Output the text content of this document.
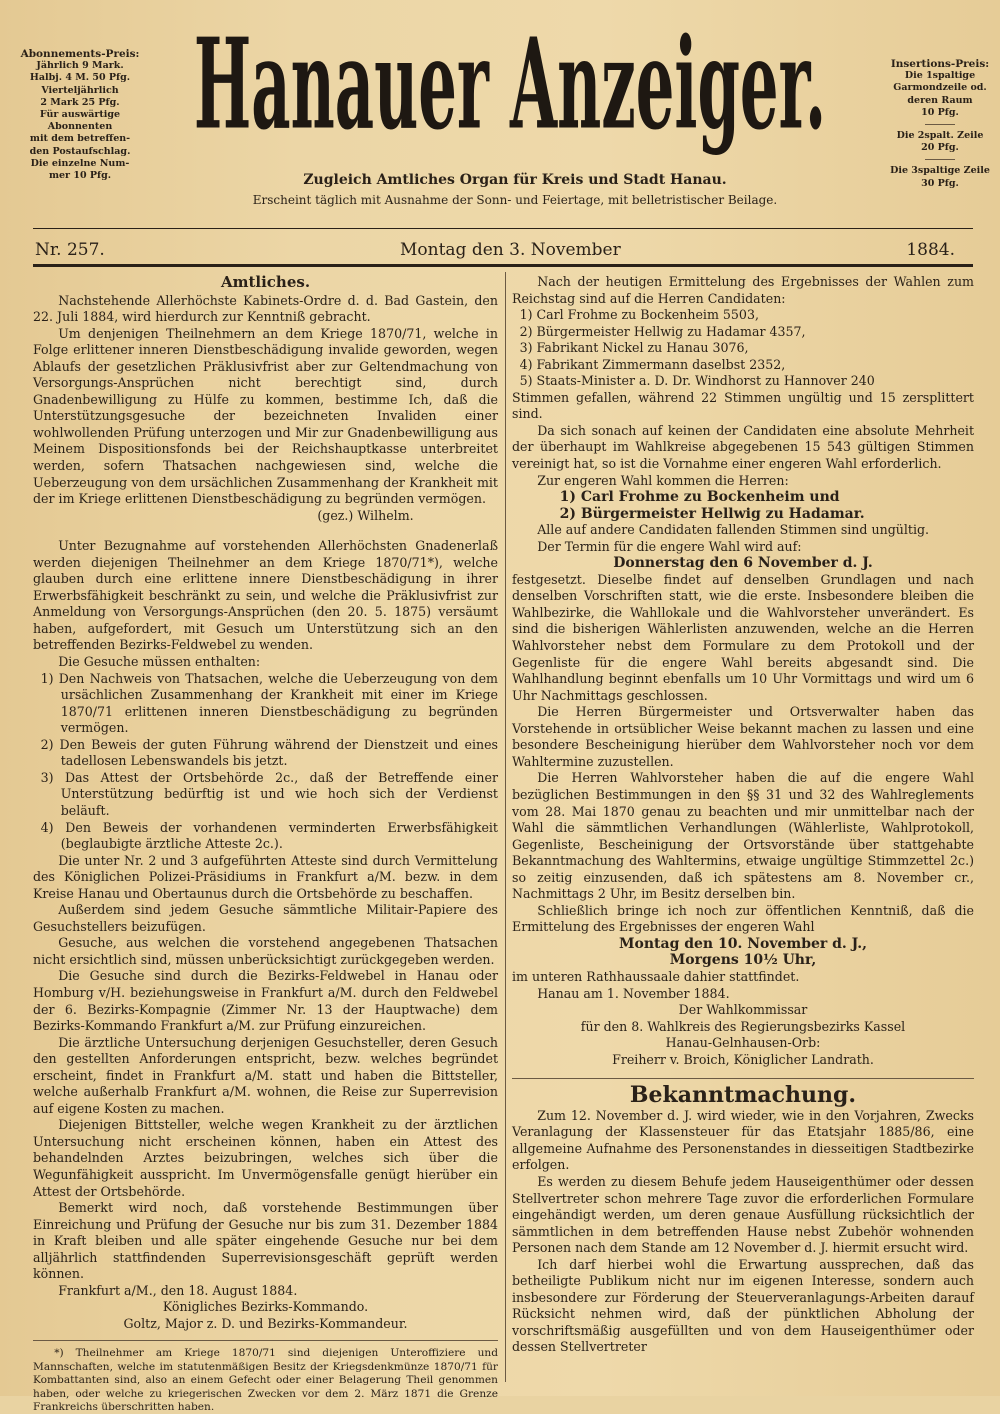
Abonnements-Preis:
Jährlich 9 Mark.
Halbj. 4 M. 50 Pfg.
Vierteljährlich
2 Mark 25 Pfg.
Für auswärtige
Abonnenten
mit dem betreffen-
den Postaufschlag.
Die einzelne Num-
mer 10 Pfg.
Hanauer Anzeiger.
Zugleich Amtliches Organ für Kreis und Stadt Hanau.
Erscheint täglich mit Ausnahme der Sonn- und Feiertage, mit belletristischer Beilage.
Insertions-Preis:
Die 1spaltige
Garmondzeile od.
deren Raum
10 Pfg.
Die 2spalt. Zeile
20 Pfg.
Die 3spaltige Zeile
30 Pfg.
Nr. 257.	Montag den 3. November	1884.

Amtliches.

Nachstehende Allerhöchste Kabinets-Ordre d. d. Bad Gastein, den 22. Juli 1884, wird hierdurch zur Kenntniß gebracht.

Um denjenigen Theilnehmern an dem Kriege 1870/71, welche in Folge erlittener inneren Dienstbeschädigung invalide geworden, wegen Ablaufs der gesetzlichen Präklusivfrist aber zur Geltendmachung von Versorgungs-Ansprüchen nicht berechtigt sind, durch Gnadenbewilligung zu Hülfe zu kommen, bestimme Ich, daß die Unterstützungsgesuche der bezeichneten Invaliden einer wohlwollenden Prüfung unterzogen und Mir zur Gnadenbewilligung aus Meinem Dispositionsfonds bei der Reichshauptkasse unterbreitet werden, sofern Thatsachen nachgewiesen sind, welche die Ueberzeugung von dem ursächlichen Zusammenhang der Krankheit mit der im Kriege erlittenen Dienstbeschädigung zu begründen vermögen.

(gez.) Wilhelm.

Unter Bezugnahme auf vorstehenden Allerhöchsten Gnadenerlaß werden diejenigen Theilnehmer an dem Kriege 1870/71*), welche glauben durch eine erlittene innere Dienstbeschädigung in ihrer Erwerbsfähigkeit beschränkt zu sein, und welche die Präklusivfrist zur Anmeldung von Versorgungs-Ansprüchen (den 20. 5. 1875) versäumt haben, aufgefordert, mit Gesuch um Unterstützung sich an den betreffenden Bezirks-Feldwebel zu wenden.

Die Gesuche müssen enthalten:

1) Den Nachweis von Thatsachen, welche die Ueberzeugung von dem ursächlichen Zusammenhang der Krankheit mit einer im Kriege 1870/71 erlittenen inneren Dienstbeschädigung zu begründen vermögen.

2) Den Beweis der guten Führung während der Dienstzeit und eines tadellosen Lebenswandels bis jetzt.

3) Das Attest der Ortsbehörde 2c., daß der Betreffende einer Unterstützung bedürftig ist und wie hoch sich der Verdienst beläuft.

4) Den Beweis der vorhandenen verminderten Erwerbsfähigkeit (beglaubigte ärztliche Atteste 2c.).

Die unter Nr. 2 und 3 aufgeführten Atteste sind durch Vermittelung des Königlichen Polizei-Präsidiums in Frankfurt a/M. bezw. in dem Kreise Hanau und Obertaunus durch die Ortsbehörde zu beschaffen.

Außerdem sind jedem Gesuche sämmtliche Militair-Papiere des Gesuchstellers beizufügen.

Gesuche, aus welchen die vorstehend angegebenen Thatsachen nicht ersichtlich sind, müssen unberücksichtigt zurückgegeben werden.

Die Gesuche sind durch die Bezirks-Feldwebel in Hanau oder Homburg v/H. beziehungsweise in Frankfurt a/M. durch den Feldwebel der 6. Bezirks-Kompagnie (Zimmer Nr. 13 der Hauptwache) dem Bezirks-Kommando Frankfurt a/M. zur Prüfung einzureichen.

Die ärztliche Untersuchung derjenigen Gesuchsteller, deren Gesuch den gestellten Anforderungen entspricht, bezw. welches begründet erscheint, findet in Frankfurt a/M. statt und haben die Bittsteller, welche außerhalb Frankfurt a/M. wohnen, die Reise zur Superrevision auf eigene Kosten zu machen.

Diejenigen Bittsteller, welche wegen Krankheit zu der ärztlichen Untersuchung nicht erscheinen können, haben ein Attest des behandelnden Arztes beizubringen, welches sich über die Wegunfähigkeit ausspricht. Im Unvermögensfalle genügt hierüber ein Attest der Ortsbehörde.

Bemerkt wird noch, daß vorstehende Bestimmungen über Einreichung und Prüfung der Gesuche nur bis zum 31. Dezember 1884 in Kraft bleiben und alle später eingehende Gesuche nur bei dem alljährlich stattfindenden Superrevisionsgeschäft geprüft werden können.

Frankfurt a/M., den 18. August 1884.

Königliches Bezirks-Kommando.

Goltz, Major z. D. und Bezirks-Kommandeur.

*) Theilnehmer am Kriege 1870/71 sind diejenigen Unteroffiziere und Mannschaften, welche im statutenmäßigen Besitz der Kriegsdenkmünze 1870/71 für Kombattanten sind, also an einem Gefecht oder einer Belagerung Theil genommen haben, oder welche zu kriegerischen Zwecken vor dem 2. März 1871 die Grenze Frankreichs überschritten haben.

Nach der heutigen Ermittelung des Ergebnisses der Wahlen zum Reichstag sind auf die Herren Candidaten:

1) Carl Frohme zu Bockenheim 5503,

2) Bürgermeister Hellwig zu Hadamar 4357,

3) Fabrikant Nickel zu Hanau 3076,

4) Fabrikant Zimmermann daselbst 2352,

5) Staats-Minister a. D. Dr. Windhorst zu Hannover 240

Stimmen gefallen, während 22 Stimmen ungültig und 15 zersplittert sind.

Da sich sonach auf keinen der Candidaten eine absolute Mehrheit der überhaupt im Wahlkreise abgegebenen 15 543 gültigen Stimmen vereinigt hat, so ist die Vornahme einer engeren Wahl erforderlich.

Zur engeren Wahl kommen die Herren:

1) Carl Frohme zu Bockenheim und

2) Bürgermeister Hellwig zu Hadamar.

Alle auf andere Candidaten fallenden Stimmen sind ungültig.

Der Termin für die engere Wahl wird auf:

Donnerstag den 6 November d. J.

festgesetzt. Dieselbe findet auf denselben Grundlagen und nach denselben Vorschriften statt, wie die erste. Insbesondere bleiben die Wahlbezirke, die Wahllokale und die Wahlvorsteher unverändert. Es sind die bisherigen Wählerlisten anzuwenden, welche an die Herren Wahlvorsteher nebst dem Formulare zu dem Protokoll und der Gegenliste für die engere Wahl bereits abgesandt sind. Die Wahlhandlung beginnt ebenfalls um 10 Uhr Vormittags und wird um 6 Uhr Nachmittags geschlossen.

Die Herren Bürgermeister und Ortsverwalter haben das Vorstehende in ortsüblicher Weise bekannt machen zu lassen und eine besondere Bescheinigung hierüber dem Wahlvorsteher noch vor dem Wahltermine zuzustellen.

Die Herren Wahlvorsteher haben die auf die engere Wahl bezüglichen Bestimmungen in den §§ 31 und 32 des Wahlreglements vom 28. Mai 1870 genau zu beachten und mir unmittelbar nach der Wahl die sämmtlichen Verhandlungen (Wählerliste, Wahlprotokoll, Gegenliste, Bescheinigung der Ortsvorstände über stattgehabte Bekanntmachung des Wahltermins, etwaige ungültige Stimmzettel 2c.) so zeitig einzusenden, daß ich spätestens am 8. November cr., Nachmittags 2 Uhr, im Besitz derselben bin.

Schließlich bringe ich noch zur öffentlichen Kenntniß, daß die Ermittelung des Ergebnisses der engeren Wahl

Montag den 10. November d. J.,

Morgens 10½ Uhr,

im unteren Rathhaussaale dahier stattfindet.

Hanau am 1. November 1884.

Der Wahlkommissar

für den 8. Wahlkreis des Regierungsbezirks Kassel

Hanau-Gelnhausen-Orb:

Freiherr v. Broich, Königlicher Landrath.

Bekanntmachung.

Zum 12. November d. J. wird wieder, wie in den Vorjahren, Zwecks Veranlagung der Klassensteuer für das Etatsjahr 1885/86, eine allgemeine Aufnahme des Personenstandes in diesseitigen Stadtbezirke erfolgen.

Es werden zu diesem Behufe jedem Hauseigenthümer oder dessen Stellvertreter schon mehrere Tage zuvor die erforderlichen Formulare eingehändigt werden, um deren genaue Ausfüllung rücksichtlich der sämmtlichen in dem betreffenden Hause nebst Zubehör wohnenden Personen nach dem Stande am 12 November d. J. hiermit ersucht wird.

Ich darf hierbei wohl die Erwartung aussprechen, daß das betheiligte Publikum nicht nur im eigenen Interesse, sondern auch insbesondere zur Förderung der Steuerveranlagungs-Arbeiten darauf Rücksicht nehmen wird, daß der pünktlichen Abholung der vorschriftsmäßig ausgefüllten und von dem Hauseigenthümer oder dessen Stellvertreter
